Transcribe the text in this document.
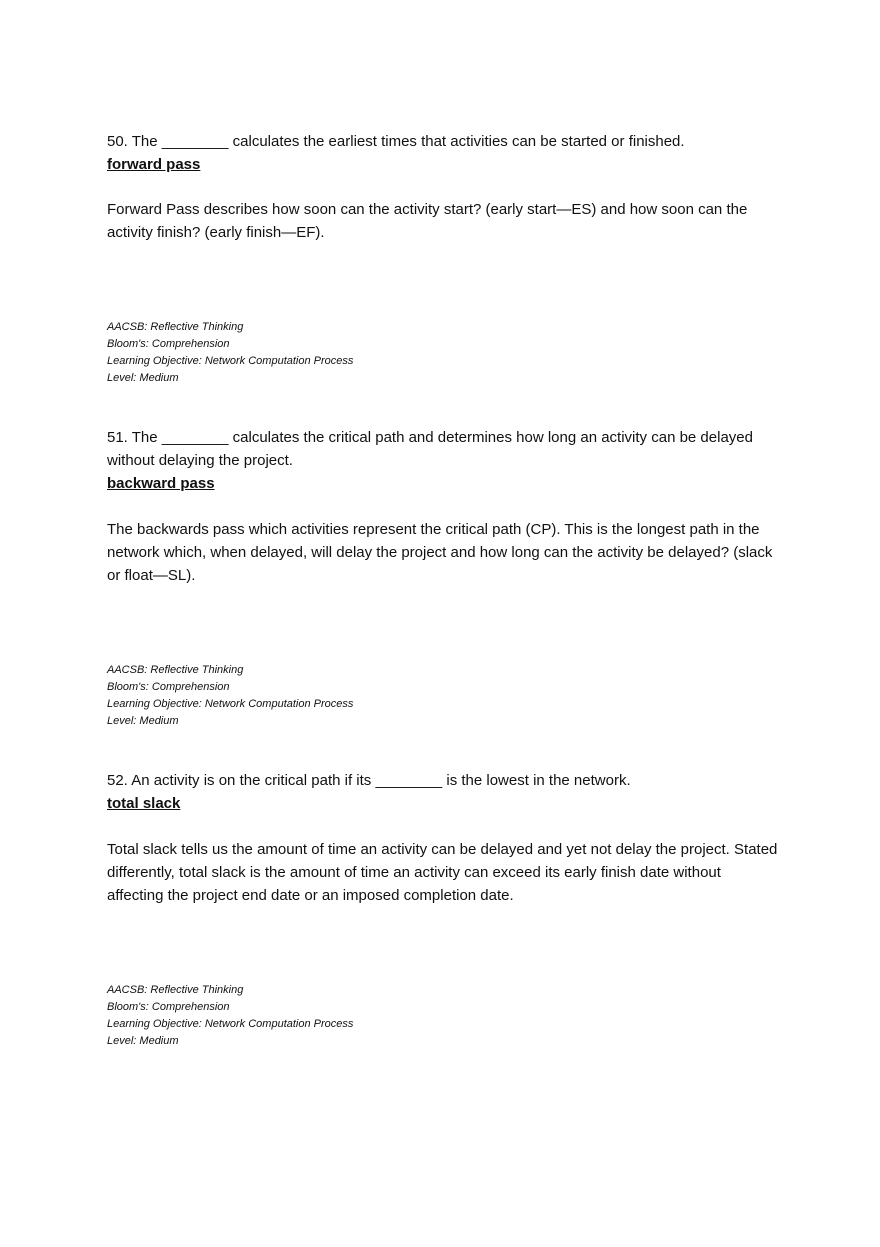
50. The ________ calculates the earliest times that activities can be started or finished.

forward pass

Forward Pass describes how soon can the activity start? (early start—ES) and how soon can the

activity finish? (early finish—EF).

AACSB: Reflective Thinking
Bloom's: Comprehension
Learning Objective: Network Computation Process
Level: Medium

51. The ________ calculates the critical path and determines how long an activity can be delayed

without delaying the project.

backward pass

The backwards pass which activities represent the critical path (CP). This is the longest path in the

network which, when delayed, will delay the project and how long can the activity be delayed? (slack

or float—SL).

AACSB: Reflective Thinking
Bloom's: Comprehension
Learning Objective: Network Computation Process
Level: Medium

52. An activity is on the critical path if its ________ is the lowest in the network.

total slack

Total slack tells us the amount of time an activity can be delayed and yet not delay the project. Stated

differently, total slack is the amount of time an activity can exceed its early finish date without

affecting the project end date or an imposed completion date.

AACSB: Reflective Thinking
Bloom's: Comprehension
Learning Objective: Network Computation Process
Level: Medium
